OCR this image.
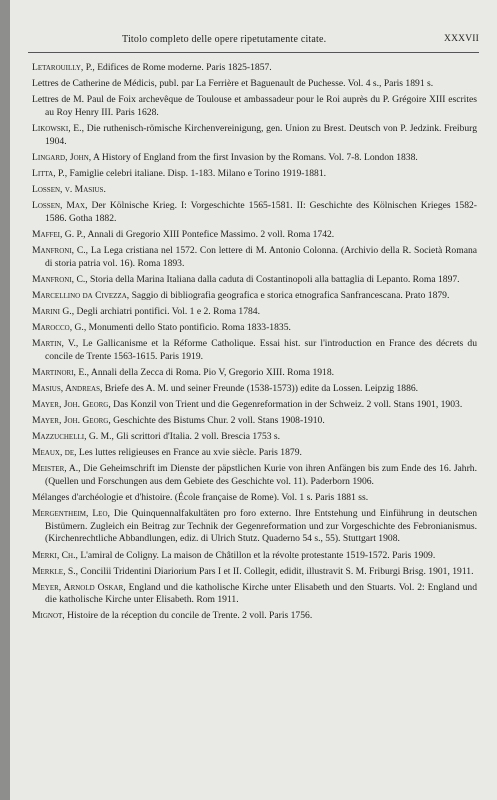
Titolo completo delle opere ripetutamente citate.	XXXVII
Letarouilly, P., Edifices de Rome moderne. Paris 1825-1857.
Lettres de Catherine de Médicis, publ. par La Ferrière et Baguenault de Puchesse. Vol. 4 s., Paris 1891 s.
Lettres de M. Paul de Foix archevêque de Toulouse et ambassadeur pour le Roi auprès du P. Grégoire XIII escrites au Roy Henry III. Paris 1628.
Likowski, E., Die ruthenisch-römische Kirchenvereinigung, gen. Union zu Brest. Deutsch von P. Jedzink. Freiburg 1904.
Lingard, John, A History of England from the first Invasion by the Romans. Vol. 7-8. London 1838.
Litta, P., Famiglie celebri italiane. Disp. 1-183. Milano e Torino 1919-1881.
Lossen, v. Masius.
Lossen, Max, Der Kölnische Krieg. I: Vorgeschichte 1565-1581. II: Geschichte des Kölnischen Krieges 1582-1586. Gotha 1882.
Maffei, G. P., Annali di Gregorio XIII Pontefice Massimo. 2 voll. Roma 1742.
Manfroni, C., La Lega cristiana nel 1572. Con lettere di M. Antonio Colonna. (Archivio della R. Società Romana di storia patria vol. 16). Roma 1893.
Manfroni, C., Storia della Marina Italiana dalla caduta di Costantinopoli alla battaglia di Lepanto. Roma 1897.
Marcellino da Civezza, Saggio di bibliografia geografica e storica etnografica Sanfrancescana. Prato 1879.
Marini G., Degli archiatri pontifici. Vol. 1 e 2. Roma 1784.
Marocco, G., Monumenti dello Stato pontificio. Roma 1833-1835.
Martin, V., Le Gallicanisme et la Réforme Catholique. Essai hist. sur l'introduction en France des décrets du concile de Trente 1563-1615. Paris 1919.
Martinori, E., Annali della Zecca di Roma. Pio V, Gregorio XIII. Roma 1918.
Masius, Andreas, Briefe des A. M. und seiner Freunde (1538-1573)) edite da Lossen. Leipzig 1886.
Mayer, Joh. Georg, Das Konzil von Trient und die Gegenreformation in der Schweiz. 2 voll. Stans 1901, 1903.
Mayer, Joh. Georg, Geschichte des Bistums Chur. 2 voll. Stans 1908-1910.
Mazzuchelli, G. M., Gli scrittori d'Italia. 2 voll. Brescia 1753 s.
Meaux, de, Les luttes religieuses en France au xvie siècle. Paris 1879.
Meister, A., Die Geheimschrift im Dienste der päpstlichen Kurie von ihren Anfängen bis zum Ende des 16. Jahrh. (Quellen und Forschungen aus dem Gebiete des Geschichte vol. 11). Paderborn 1906.
Mélanges d'archéologie et d'histoire. (École française de Rome). Vol. 1 s. Paris 1881 ss.
Mergentheim, Leo, Die Quinquennalfakultäten pro foro externo. Ihre Entstehung und Einführung in deutschen Bistümern. Zugleich ein Beitrag zur Technik der Gegenreformation und zur Vorgeschichte des Febronianismus. (Kirchenrechtliche Abbandlungen, ediz. di Ulrich Stutz. Quaderno 54 s., 55). Stuttgart 1908.
Merki, Ch., L'amiral de Coligny. La maison de Châtillon et la révolte protestante 1519-1572. Paris 1909.
Merkle, S., Concilii Tridentini Diariorium Pars I et II. Collegit, edidit, illustravit S. M. Friburgi Brisg. 1901, 1911.
Meyer, Arnold Oskar, England und die katholische Kirche unter Elisabeth und den Stuarts. Vol. 2: England und die katholische Kirche unter Elisabeth. Rom 1911.
Mignot, Histoire de la réception du concile de Trente. 2 voll. Paris 1756.
